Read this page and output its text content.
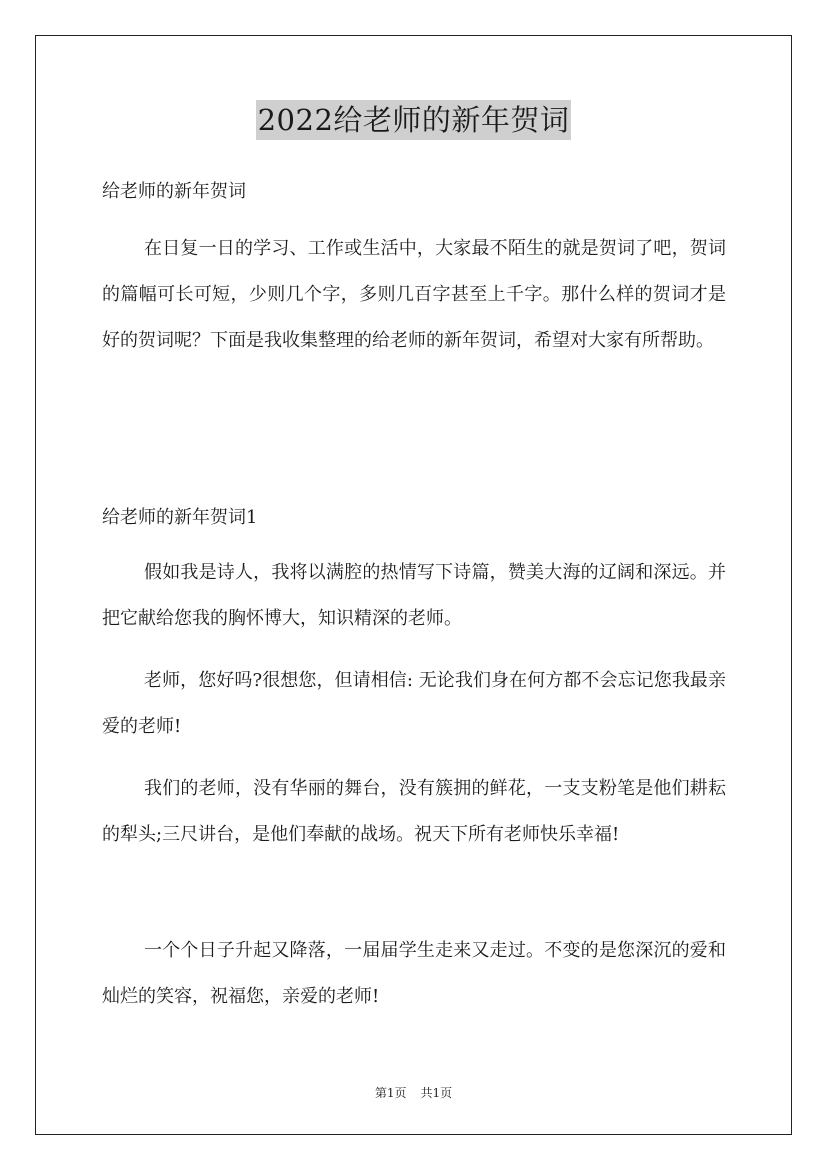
2022给老师的新年贺词
给老师的新年贺词

在日复一日的学习、工作或生活中，大家最不陌生的就是贺词了吧，贺词的篇幅可长可短，少则几个字，多则几百字甚至上千字。那什么样的贺词才是好的贺词呢？下面是我收集整理的给老师的新年贺词，希望对大家有所帮助。

给老师的新年贺词1

假如我是诗人，我将以满腔的热情写下诗篇，赞美大海的辽阔和深远。并把它献给您我的胸怀博大，知识精深的老师。

老师，您好吗?很想您，但请相信: 无论我们身在何方都不会忘记您我最亲爱的老师!

我们的老师，没有华丽的舞台，没有簇拥的鲜花，一支支粉笔是他们耕耘的犁头;三尺讲台，是他们奉献的战场。祝天下所有老师快乐幸福!

一个个日子升起又降落，一届届学生走来又走过。不变的是您深沉的爱和灿烂的笑容，祝福您，亲爱的老师!

第1页 共1页
